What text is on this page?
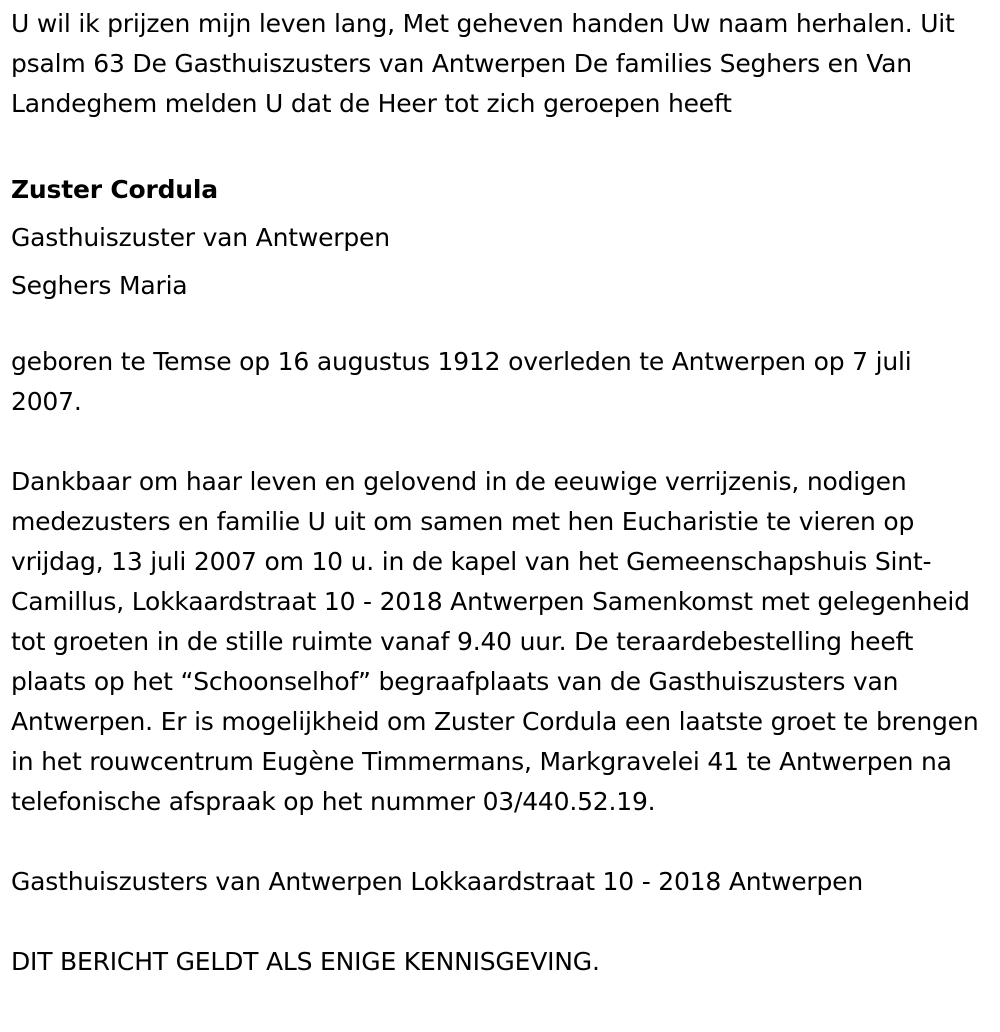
U wil ik prijzen mijn leven lang, Met geheven handen Uw naam herhalen. Uit psalm 63 De Gasthuiszusters van Antwerpen De families Seghers en Van Landeghem melden U dat de Heer tot zich geroepen heeft

Zuster Cordula

Gasthuiszuster van Antwerpen

Seghers Maria

geboren te Temse op 16 augustus 1912 overleden te Antwerpen op 7 juli 2007.

Dankbaar om haar leven en gelovend in de eeuwige verrijzenis, nodigen medezusters en familie U uit om samen met hen Eucharistie te vieren op vrijdag, 13 juli 2007 om 10 u. in de kapel van het Gemeenschapshuis Sint-Camillus, Lokkaardstraat 10 - 2018 Antwerpen Samenkomst met gelegenheid tot groeten in de stille ruimte vanaf 9.40 uur. De teraardebestelling heeft plaats op het “Schoonselhof” begraafplaats van de Gasthuiszusters van Antwerpen. Er is mogelijkheid om Zuster Cordula een laatste groet te brengen in het rouwcentrum Eugène Timmermans, Markgravelei 41 te Antwerpen na telefonische afspraak op het nummer 03/440.52.19.

Gasthuiszusters van Antwerpen Lokkaardstraat 10 - 2018 Antwerpen

DIT BERICHT GELDT ALS ENIGE KENNISGEVING.
